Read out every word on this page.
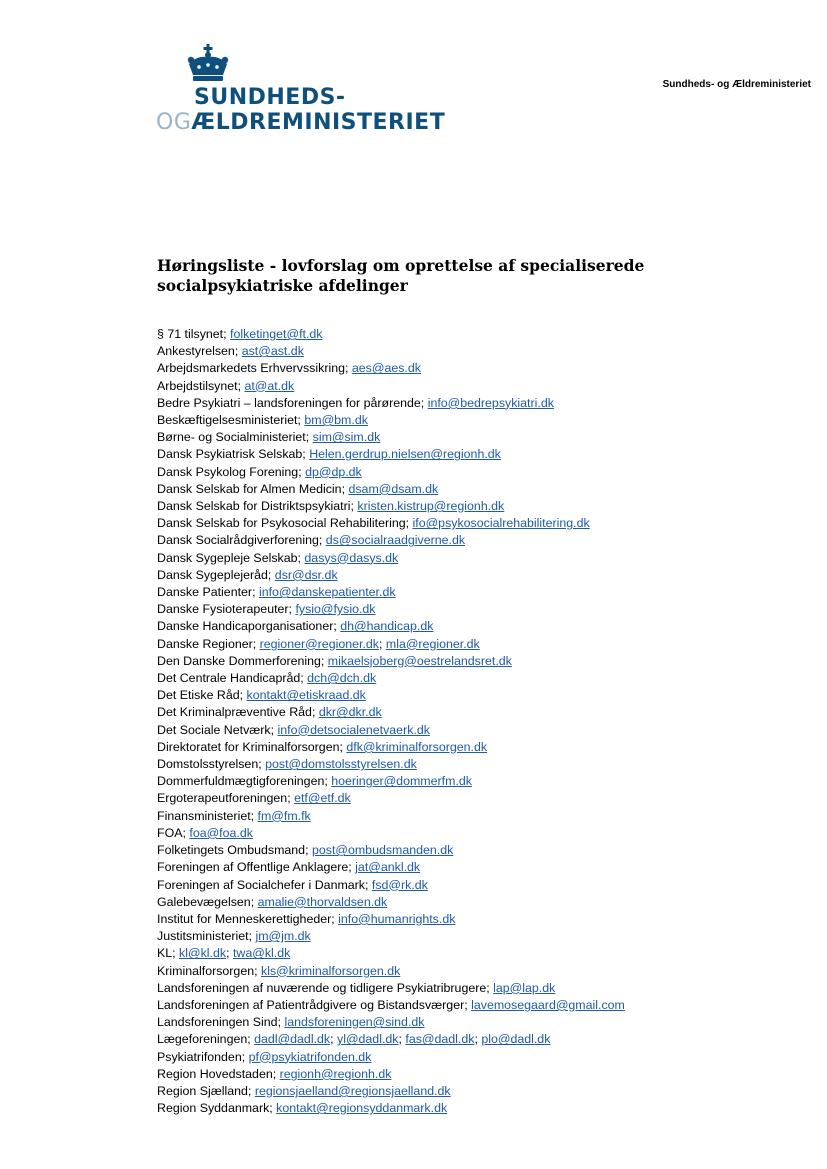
SUNDHEDS-
OGÆLDREMINISTERIET
Sundheds- og Ældreministeriet
Høringsliste - lovforslag om oprettelse af specialiserede socialpsykiatriske afdelinger
§ 71 tilsynet; folketinget@ft.dk
Ankestyrelsen; ast@ast.dk
Arbejdsmarkedets Erhvervssikring; aes@aes.dk
Arbejdstilsynet; at@at.dk
Bedre Psykiatri – landsforeningen for pårørende; info@bedrepsykiatri.dk
Beskæftigelsesministeriet; bm@bm.dk
Børne- og Socialministeriet; sim@sim.dk
Dansk Psykiatrisk Selskab; Helen.gerdrup.nielsen@regionh.dk
Dansk Psykolog Forening; dp@dp.dk
Dansk Selskab for Almen Medicin; dsam@dsam.dk
Dansk Selskab for Distriktspsykiatri; kristen.kistrup@regionh.dk
Dansk Selskab for Psykosocial Rehabilitering; ifo@psykosocialrehabilitering.dk
Dansk Socialrådgiverforening; ds@socialraadgiverne.dk
Dansk Sygepleje Selskab; dasys@dasys.dk
Dansk Sygeplejeråd; dsr@dsr.dk
Danske Patienter; info@danskepatienter.dk
Danske Fysioterapeuter; fysio@fysio.dk
Danske Handicaporganisationer; dh@handicap.dk
Danske Regioner; regioner@regioner.dk; mla@regioner.dk
Den Danske Dommerforening; mikaelsjoberg@oestrelandsret.dk
Det Centrale Handicapråd; dch@dch.dk
Det Etiske Råd; kontakt@etiskraad.dk
Det Kriminalpræventive Råd; dkr@dkr.dk
Det Sociale Netværk; info@detsocialenetvaerk.dk
Direktoratet for Kriminalforsorgen; dfk@kriminalforsorgen.dk
Domstolsstyrelsen; post@domstolsstyrelsen.dk
Dommerfuldmægtigforeningen; hoeringer@dommerfm.dk
Ergoterapeutforeningen; etf@etf.dk
Finansministeriet; fm@fm.fk
FOA; foa@foa.dk
Folketingets Ombudsmand; post@ombudsmanden.dk
Foreningen af Offentlige Anklagere; jat@ankl.dk
Foreningen af Socialchefer i Danmark; fsd@rk.dk
Galebevægelsen; amalie@thorvaldsen.dk
Institut for Menneskerettigheder; info@humanrights.dk
Justitsministeriet; jm@jm.dk
KL; kl@kl.dk; twa@kl.dk
Kriminalforsorgen; kls@kriminalforsorgen.dk
Landsforeningen af nuværende og tidligere Psykiatribrugere; lap@lap.dk
Landsforeningen af Patientrådgivere og Bistandsværger; lavemosegaard@gmail.com
Landsforeningen Sind; landsforeningen@sind.dk
Lægeforeningen; dadl@dadl.dk; yl@dadl.dk; fas@dadl.dk; plo@dadl.dk
Psykiatrifonden; pf@psykiatrifonden.dk
Region Hovedstaden; regionh@regionh.dk
Region Sjælland; regionsjaelland@regionsjaelland.dk
Region Syddanmark; kontakt@regionsyddanmark.dk
